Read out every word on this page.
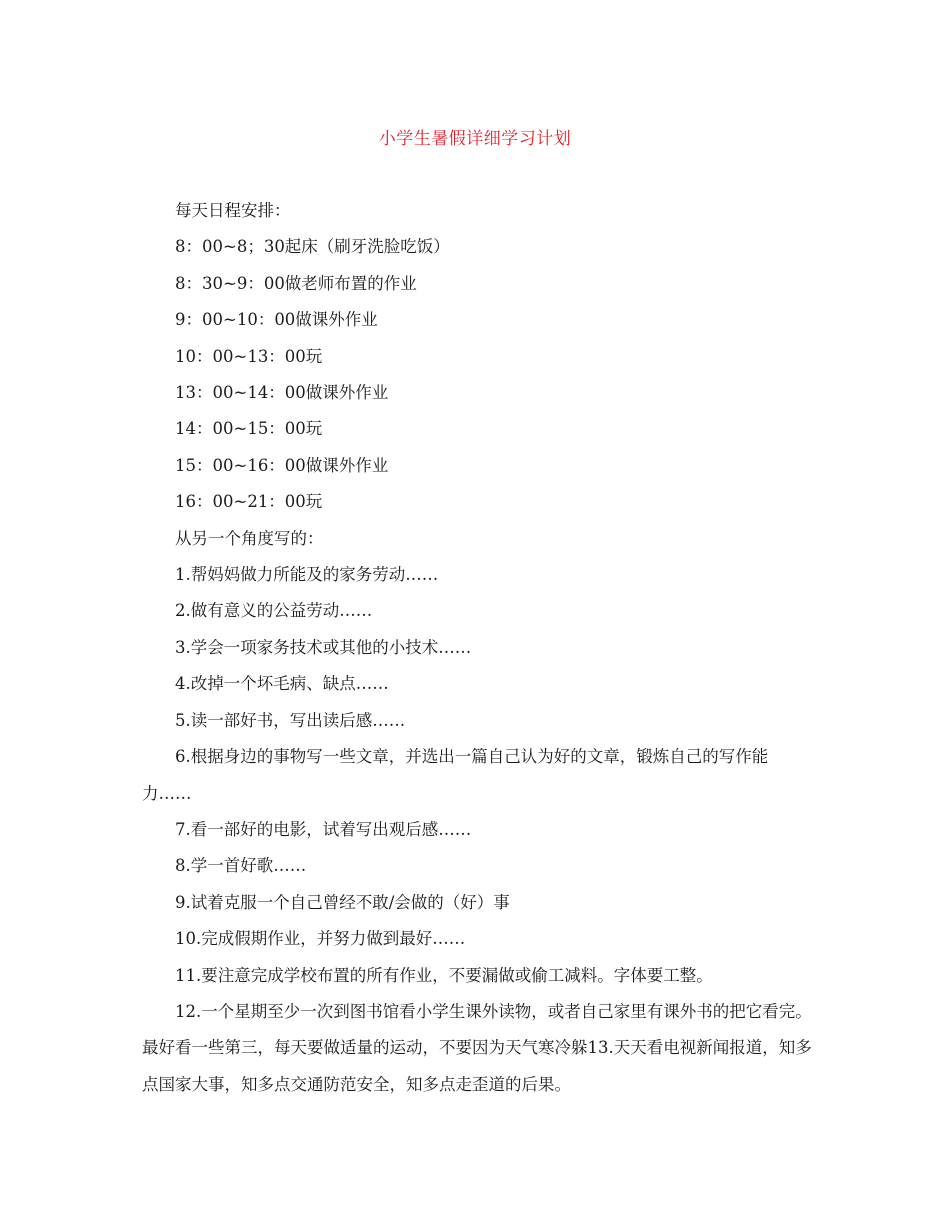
小学生暑假详细学习计划

每天日程安排：

8：00~8；30起床（刷牙洗脸吃饭）

8：30~9：00做老师布置的作业

9：00~10：00做课外作业

10：00~13：00玩

13：00~14：00做课外作业

14：00~15：00玩

15：00~16：00做课外作业

16：00~21：00玩

从另一个角度写的：

1.帮妈妈做力所能及的家务劳动……

2.做有意义的公益劳动……

3.学会一项家务技术或其他的小技术……

4.改掉一个坏毛病、缺点……

5.读一部好书，写出读后感……

6.根据身边的事物写一些文章，并选出一篇自己认为好的文章，锻炼自己的写作能力……

7.看一部好的电影，试着写出观后感……

8.学一首好歌……

9.试着克服一个自己曾经不敢/会做的（好）事

10.完成假期作业，并努力做到最好……

11.要注意完成学校布置的所有作业，不要漏做或偷工减料。字体要工整。

12.一个星期至少一次到图书馆看小学生课外读物，或者自己家里有课外书的把它看完。最好看一些第三，每天要做适量的运动，不要因为天气寒冷躲13.天天看电视新闻报道，知多点国家大事，知多点交通防范安全，知多点走歪道的后果。
